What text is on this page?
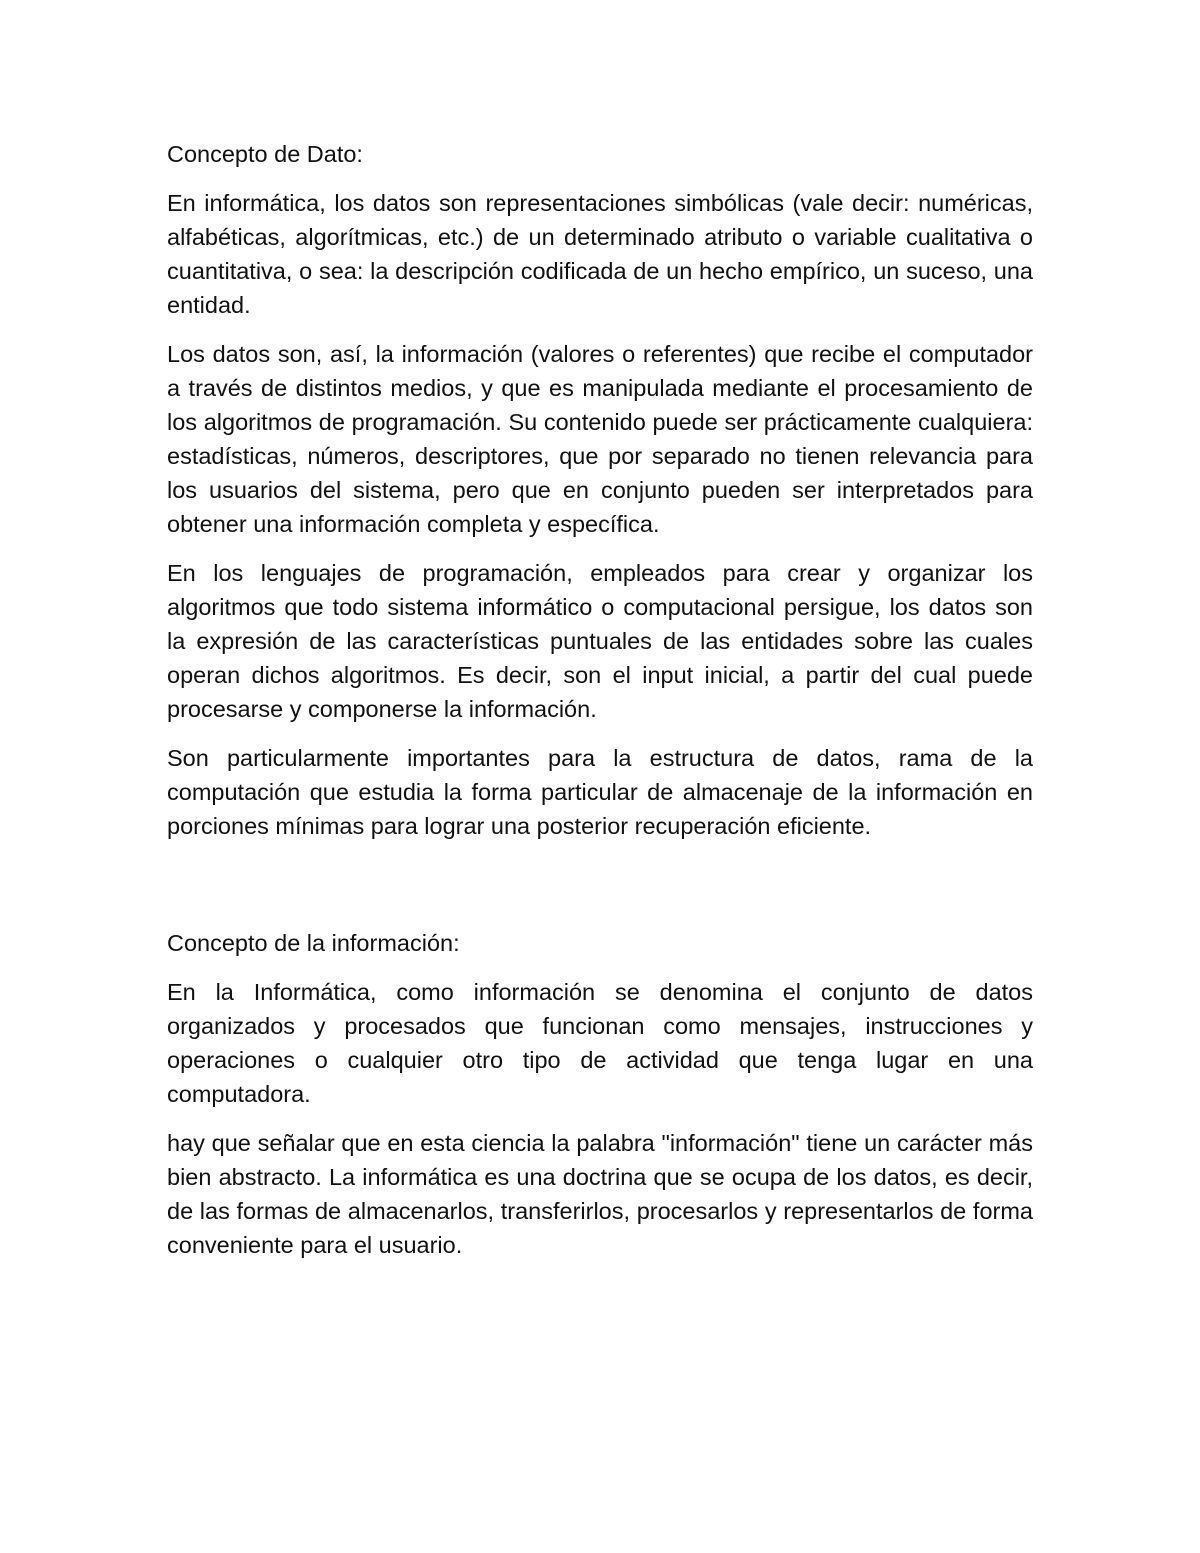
Concepto de Dato:

En informática, los datos son representaciones simbólicas (vale decir: numéricas, alfabéticas, algorítmicas, etc.) de un determinado atributo o variable cualitativa o cuantitativa, o sea: la descripción codificada de un hecho empírico, un suceso, una entidad.

Los datos son, así, la información (valores o referentes) que recibe el computador a través de distintos medios, y que es manipulada mediante el procesamiento de los algoritmos de programación. Su contenido puede ser prácticamente cualquiera: estadísticas, números, descriptores, que por separado no tienen relevancia para los usuarios del sistema, pero que en conjunto pueden ser interpretados para obtener una información completa y específica.

En los lenguajes de programación, empleados para crear y organizar los algoritmos que todo sistema informático o computacional persigue, los datos son la expresión de las características puntuales de las entidades sobre las cuales operan dichos algoritmos. Es decir, son el input inicial, a partir del cual puede procesarse y componerse la información.

Son particularmente importantes para la estructura de datos, rama de la computación que estudia la forma particular de almacenaje de la información en porciones mínimas para lograr una posterior recuperación eficiente.

Concepto de la información:

En la Informática, como información se denomina el conjunto de datos organizados y procesados que funcionan como mensajes, instrucciones y operaciones o cualquier otro tipo de actividad que tenga lugar en una computadora.

hay que señalar que en esta ciencia la palabra "información" tiene un carácter más bien abstracto. La informática es una doctrina que se ocupa de los datos, es decir, de las formas de almacenarlos, transferirlos, procesarlos y representarlos de forma conveniente para el usuario.
